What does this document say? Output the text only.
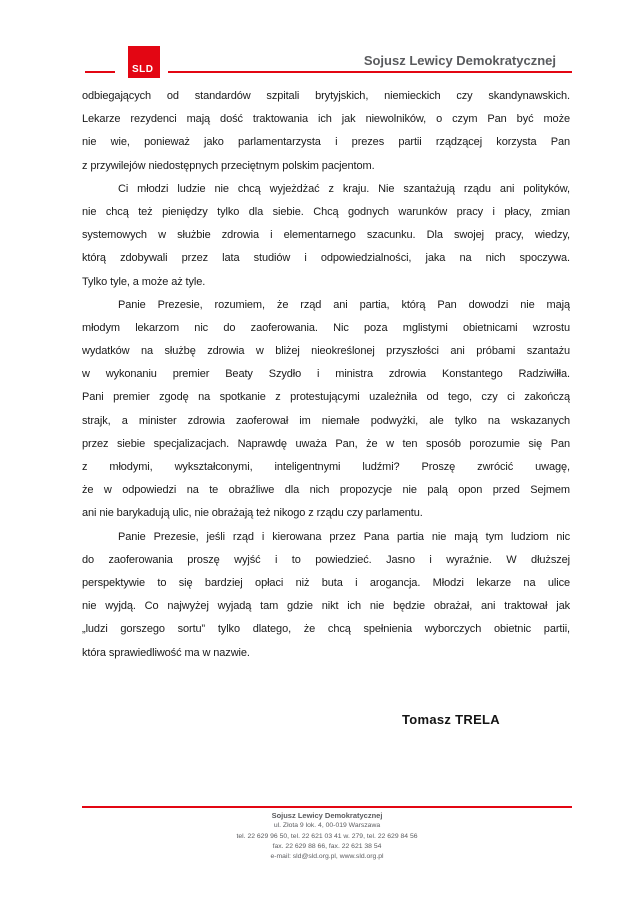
SLD
Sojusz Lewicy Demokratycznej
odbiegających od standardów szpitali brytyjskich, niemieckich czy skandynawskich.
Lekarze rezydenci mają dość traktowania ich jak niewolników, o czym Pan być może
nie wie, ponieważ jako parlamentarzysta i prezes partii rządzącej korzysta Pan
z przywilejów niedostępnych przeciętnym polskim pacjentom.
Ci młodzi ludzie nie chcą wyjeżdżać z kraju. Nie szantażują rządu ani polityków,
nie chcą też pieniędzy tylko dla siebie. Chcą godnych warunków pracy i płacy, zmian
systemowych w służbie zdrowia i elementarnego szacunku. Dla swojej pracy, wiedzy,
którą zdobywali przez lata studiów i odpowiedzialności, jaka na nich spoczywa.
Tylko tyle, a może aż tyle.
Panie Prezesie, rozumiem, że rząd ani partia, którą Pan dowodzi nie mają
młodym lekarzom nic do zaoferowania. Nic poza mglistymi obietnicami wzrostu
wydatków na służbę zdrowia w bliżej nieokreślonej przyszłości ani próbami szantażu
w wykonaniu premier Beaty Szydło i ministra zdrowia Konstantego Radziwiłła.
Pani premier zgodę na spotkanie z protestującymi uzależniła od tego, czy ci zakończą
strajk, a minister zdrowia zaoferował im niemałe podwyżki, ale tylko na wskazanych
przez siebie specjalizacjach. Naprawdę uważa Pan, że w ten sposób porozumie się Pan
z młodymi, wykształconymi, inteligentnymi ludźmi? Proszę zwrócić uwagę,
że w odpowiedzi na te obraźliwe dla nich propozycje nie palą opon przed Sejmem
ani nie barykadują ulic, nie obrażają też nikogo z rządu czy parlamentu.
Panie Prezesie, jeśli rząd i kierowana przez Pana partia nie mają tym ludziom nic
do zaoferowania proszę wyjść i to powiedzieć. Jasno i wyraźnie. W dłuższej
perspektywie to się bardziej opłaci niż buta i arogancja. Młodzi lekarze na ulice
nie wyjdą. Co najwyżej wyjadą tam gdzie nikt ich nie będzie obrażał, ani traktował jak
„ludzi gorszego sortu” tylko dlatego, że chcą spełnienia wyborczych obietnic partii,
która sprawiedliwość ma w nazwie.
Tomasz TRELA
Sojusz Lewicy Demokratycznej
ul. Złota 9 lok. 4, 00-019 Warszawa
tel. 22 629 96 50, tel. 22 621 03 41 w. 279, tel. 22 629 84 56
fax. 22 629 88 66, fax. 22 621 38 54
e-mail: sld@sld.org.pl, www.sld.org.pl
